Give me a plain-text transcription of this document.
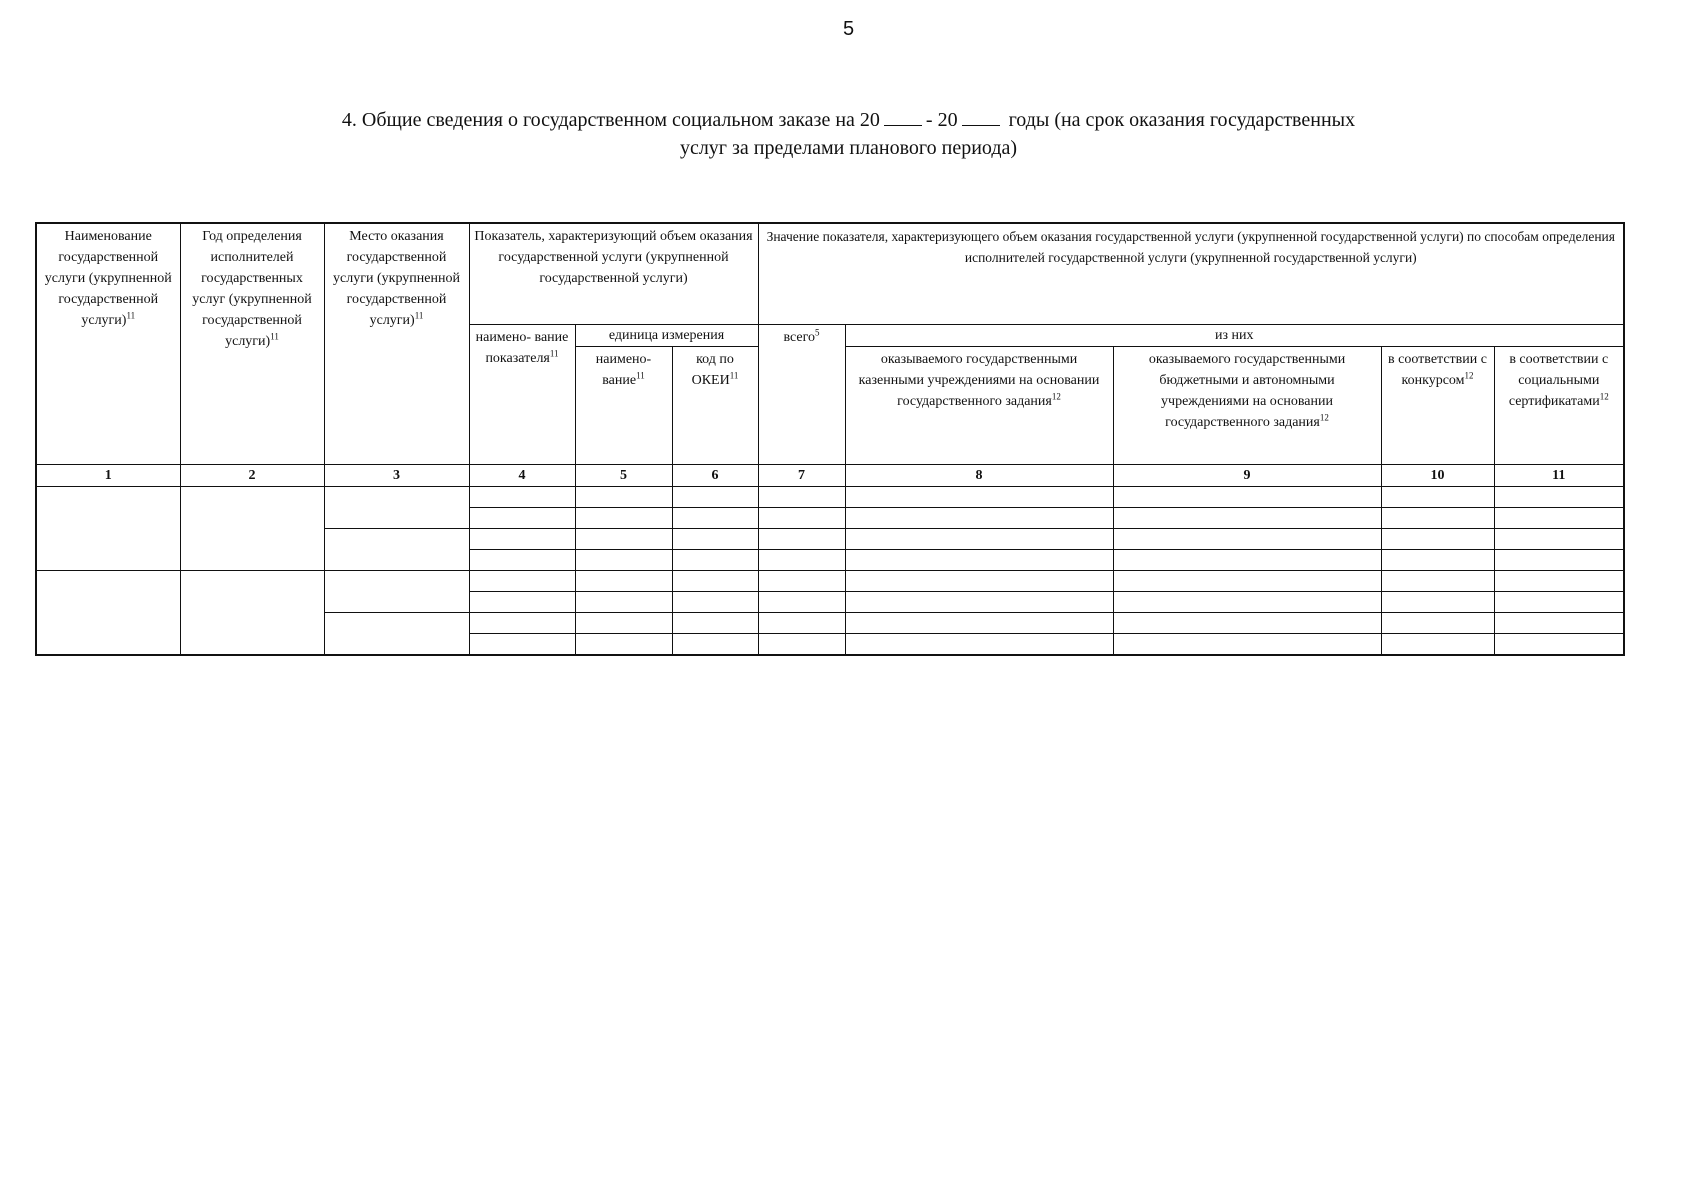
5
4. Общие сведения о государственном социальном заказе на 20 - 20	годы (на срок оказания государственных
услуг за пределами планового периода)
Наименование государственной услуги (укрупненной государственной услуги)$^{11}$	Год определения исполнителей государственных услуг (укрупненной государственной услуги)$^{11}$	Место оказания государственной услуги (укрупненной государственной услуги)$^{11}$	Показатель, характеризующий объем оказания государственной услуги (укрупненной государственной услуги)			Значение показателя, характеризующего объем оказания государственной услуги (укрупненной государственной услуги) по способам определения исполнителей государственной услуги (укрупненной государственной услуги)				
			наимено- вание показателя$^{11}$	единица измерения		всего$^5$	из них			
				наимено- вание$^{11}$	код по ОКЕИ$^{11}$		оказываемого государственными казенными учреждениями на основании государственного задания$^{12}$	оказываемого государственными бюджетными и автономными учреждениями на основании государственного задания$^{12}$	в соответствии с конкурсом$^{12}$	в соответствии с социальными сертификатами$^{12}$
1	2	3	4	5	6	7	8	9	10	11
